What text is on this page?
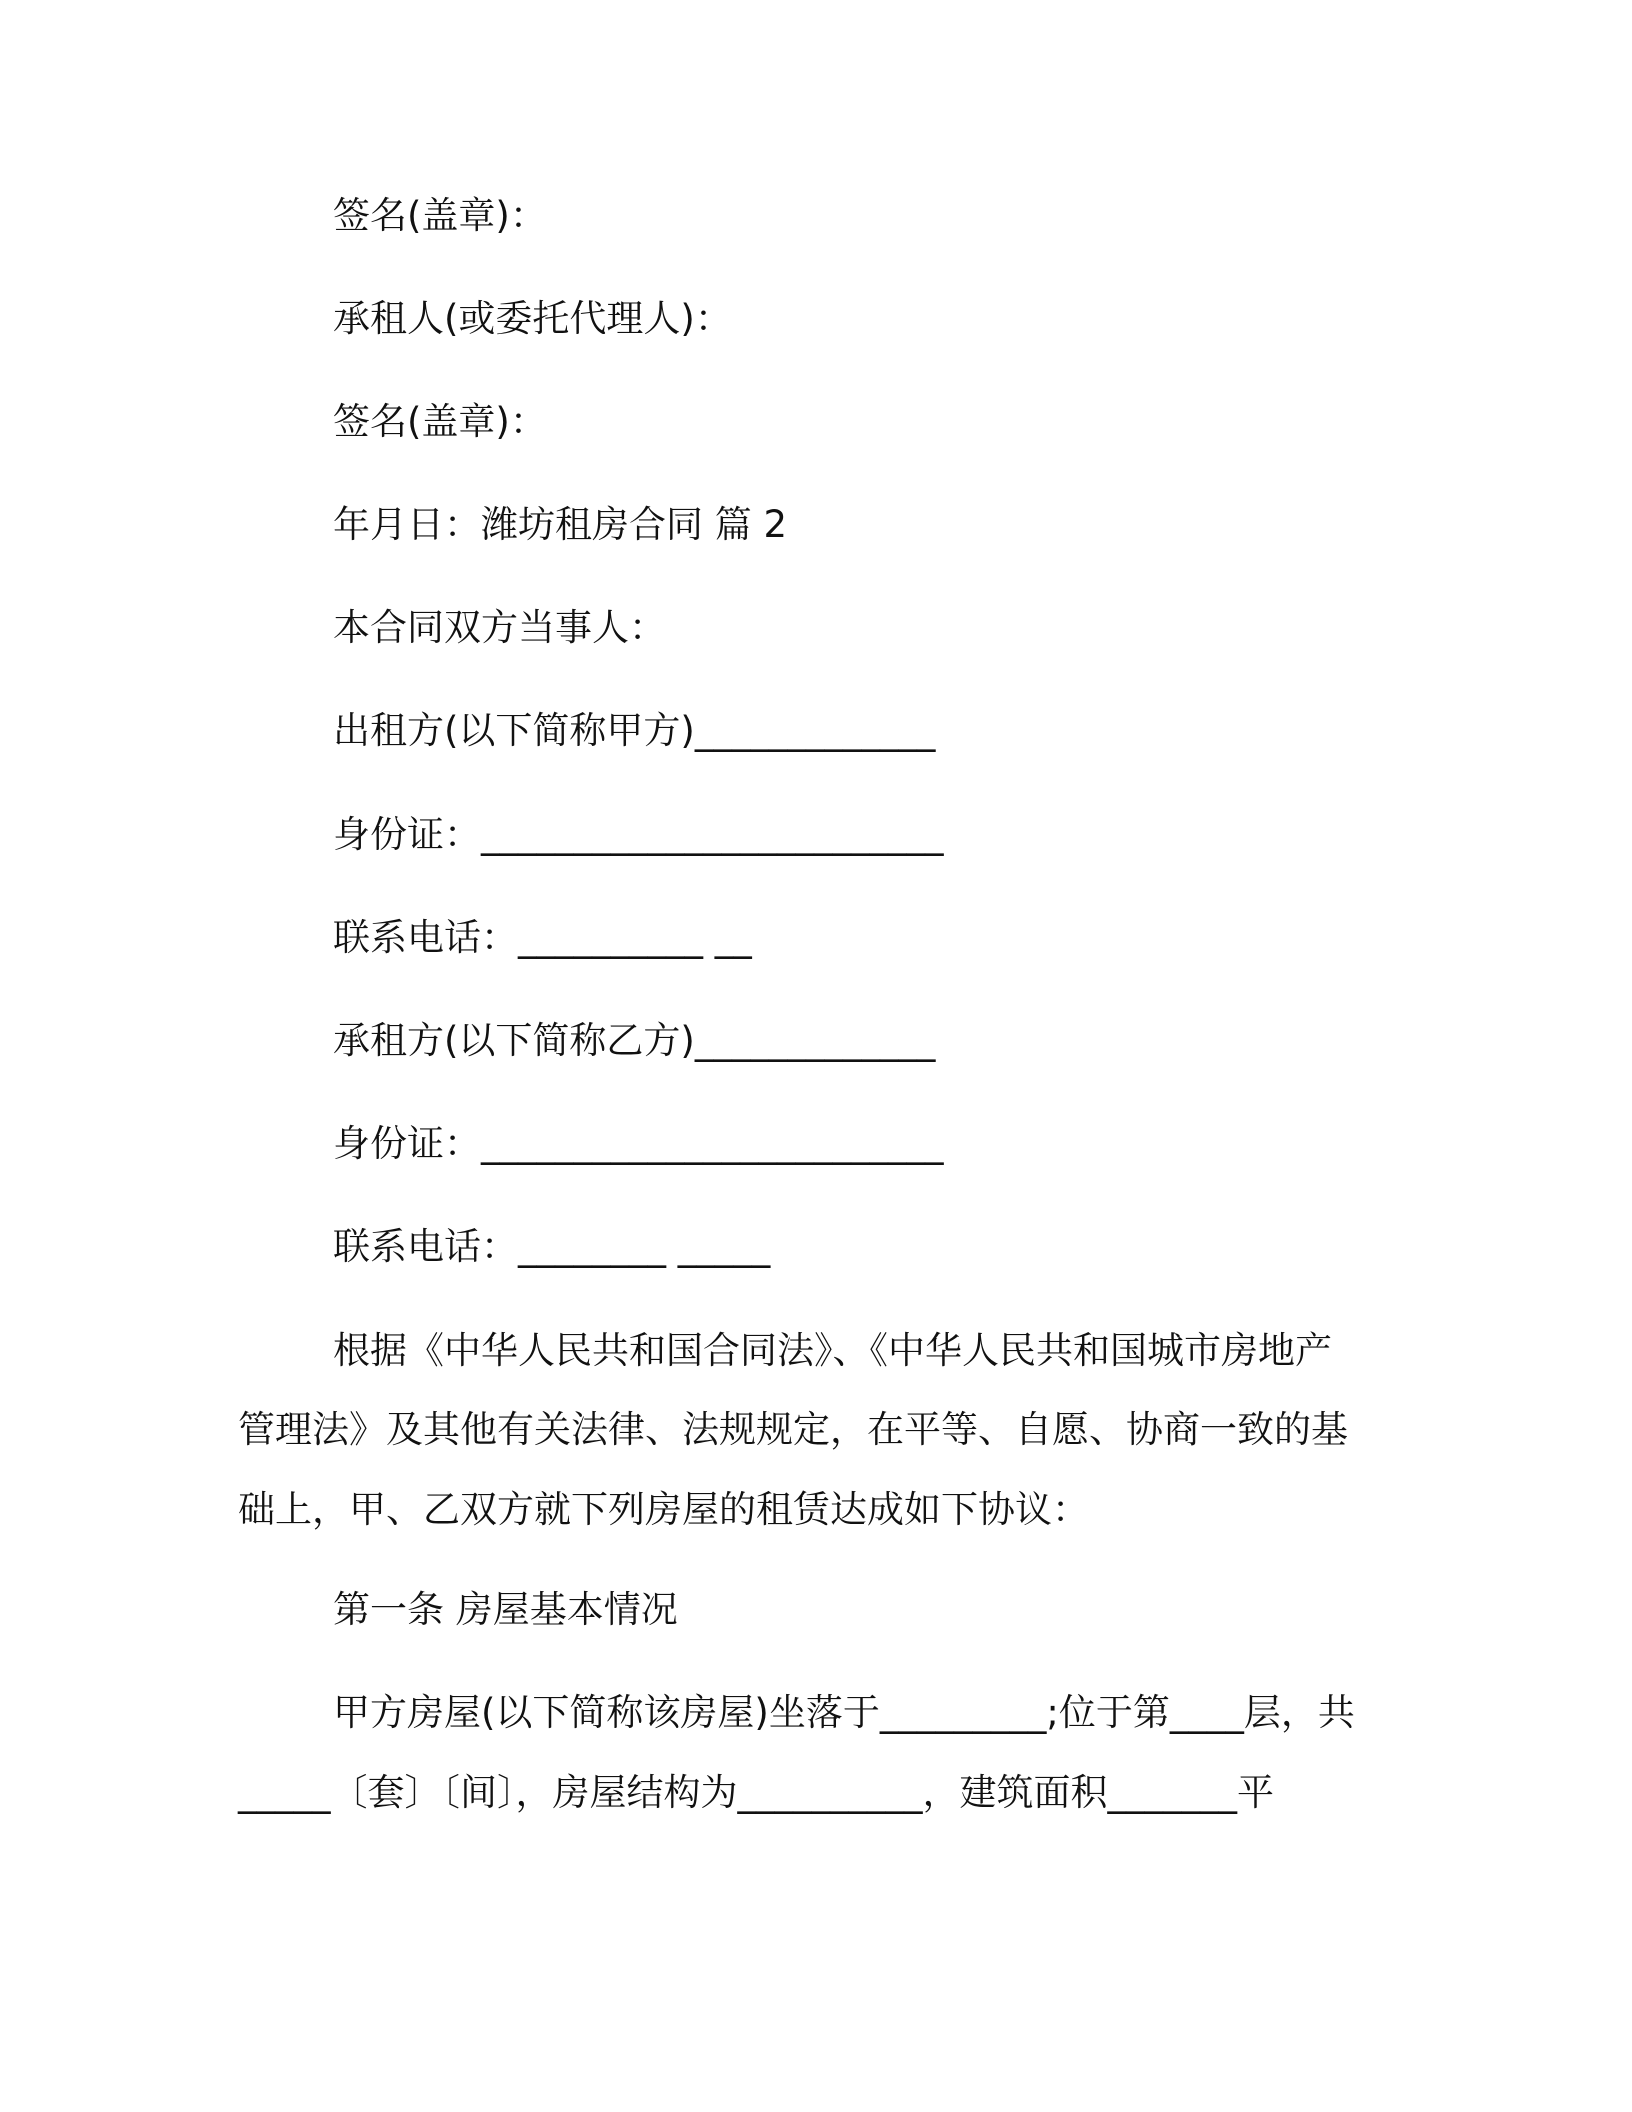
签名(盖章)：
承租人(或委托代理人)：
签名(盖章)：
年月日：潍坊租房合同 篇 2
本合同双方当事人：
出租方(以下简称甲方)_____________
身份证：_________________________
联系电话：__________ __
承租方(以下简称乙方)_____________
身份证：_________________________
联系电话：________ _____
根据《中华人民共和国合同法》、《中华人民共和国城市房地产
管理法》及其他有关法律、法规规定，在平等、自愿、协商一致的基
础上，甲、乙双方就下列房屋的租赁达成如下协议：
第一条 房屋基本情况
甲方房屋(以下简称该房屋)坐落于_________;位于第____层，共
_____〔套〕〔间〕，房屋结构为__________，建筑面积_______平
